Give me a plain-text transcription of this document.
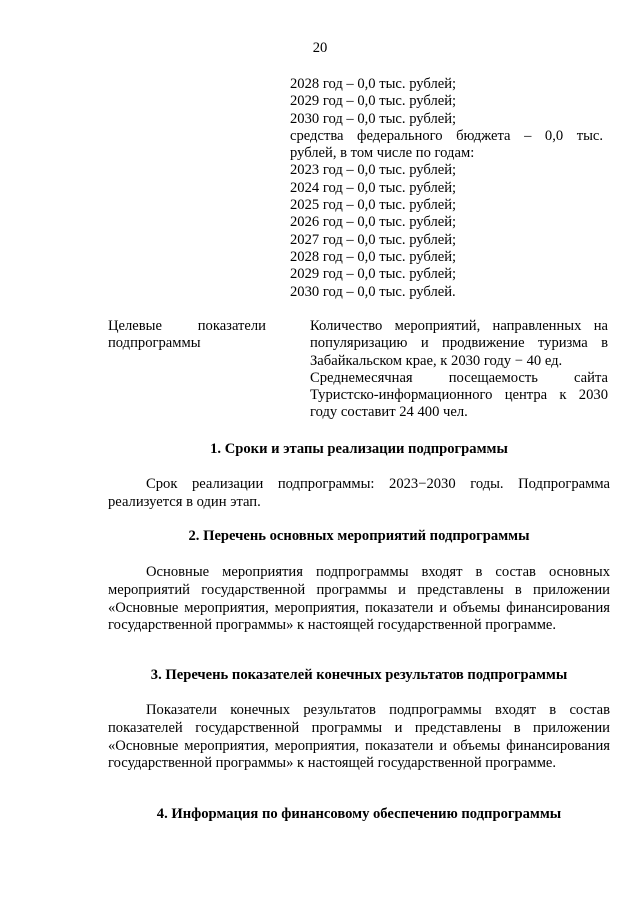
20
2028 год – 0,0 тыс. рублей;
2029 год – 0,0 тыс. рублей;
2030 год – 0,0 тыс. рублей;
средства федерального бюджета – 0,0 тыс.
рублей, в том числе по годам:
2023 год – 0,0 тыс. рублей;
2024 год – 0,0 тыс. рублей;
2025 год – 0,0 тыс. рублей;
2026 год – 0,0 тыс. рублей;
2027 год – 0,0 тыс. рублей;
2028 год – 0,0 тыс. рублей;
2029 год – 0,0 тыс. рублей;
2030 год – 0,0 тыс. рублей.
Целевые показатели
подпрограммы

Количество мероприятий, направленных на популяризацию и продвижение туризма в Забайкальском крае, к 2030 году − 40 ед.

Среднемесячная посещаемость сайта Туристско-информационного центра к 2030 году составит 24 400 чел.

1. Сроки и этапы реализации подпрограммы

Срок реализации подпрограммы: 2023−2030 годы. Подпрограмма реализуется в один этап.

2. Перечень основных мероприятий подпрограммы

Основные мероприятия подпрограммы входят в состав основных мероприятий государственной программы и представлены в приложении «Основные мероприятия, мероприятия, показатели и объемы финансирования государственной программы» к настоящей государственной программе.

3. Перечень показателей конечных результатов подпрограммы

Показатели конечных результатов подпрограммы входят в состав показателей государственной программы и представлены в приложении «Основные мероприятия, мероприятия, показатели и объемы финансирования государственной программы» к настоящей государственной программе.

4. Информация по финансовому обеспечению подпрограммы
